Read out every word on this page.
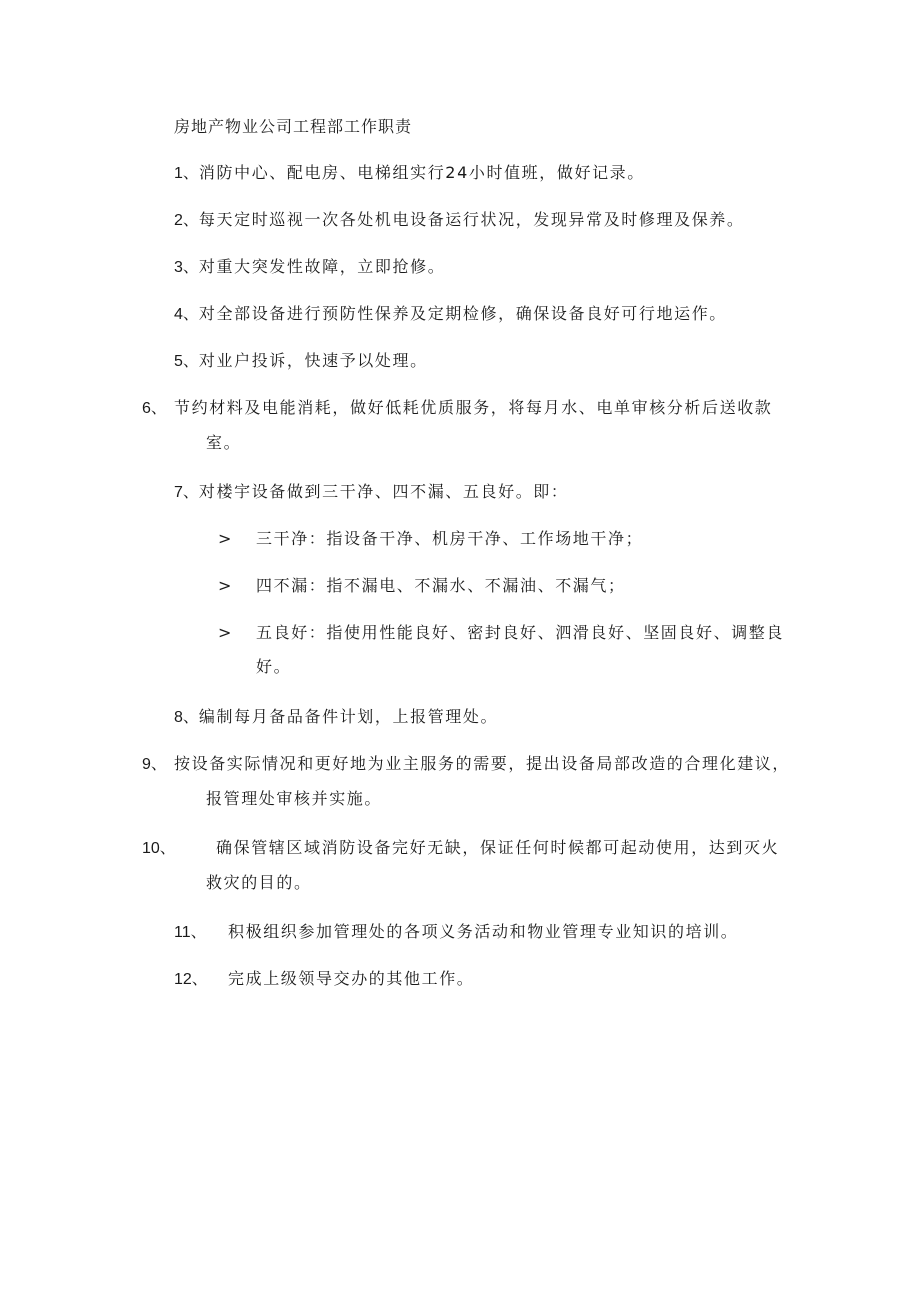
房地产物业公司工程部工作职责
1、消防中心、配电房、电梯组实行24小时值班，做好记录。
2、每天定时巡视一次各处机电设备运行状况，发现异常及时修理及保养。
3、对重大突发性故障，立即抢修。
4、对全部设备进行预防性保养及定期检修，确保设备良好可行地运作。
5、对业户投诉，快速予以处理。
6、 节约材料及电能消耗，做好低耗优质服务，将每月水、电单审核分析后送收款室。
7、对楼宇设备做到三干净、四不漏、五良好。即：
> 三干净：指设备干净、机房干净、工作场地干净；
> 四不漏：指不漏电、不漏水、不漏油、不漏气；
> 五良好：指使用性能良好、密封良好、泗滑良好、坚固良好、调整良好。
8、编制每月备品备件计划，上报管理处。
9、 按设备实际情况和更好地为业主服务的需要，提出设备局部改造的合理化建议，报管理处审核并实施。
10、	确保管辖区域消防设备完好无缺，保证任何时候都可起动使用，达到灭火救灾的目的。
11、 积极组织参加管理处的各项义务活动和物业管理专业知识的培训。
12、 完成上级领导交办的其他工作。
